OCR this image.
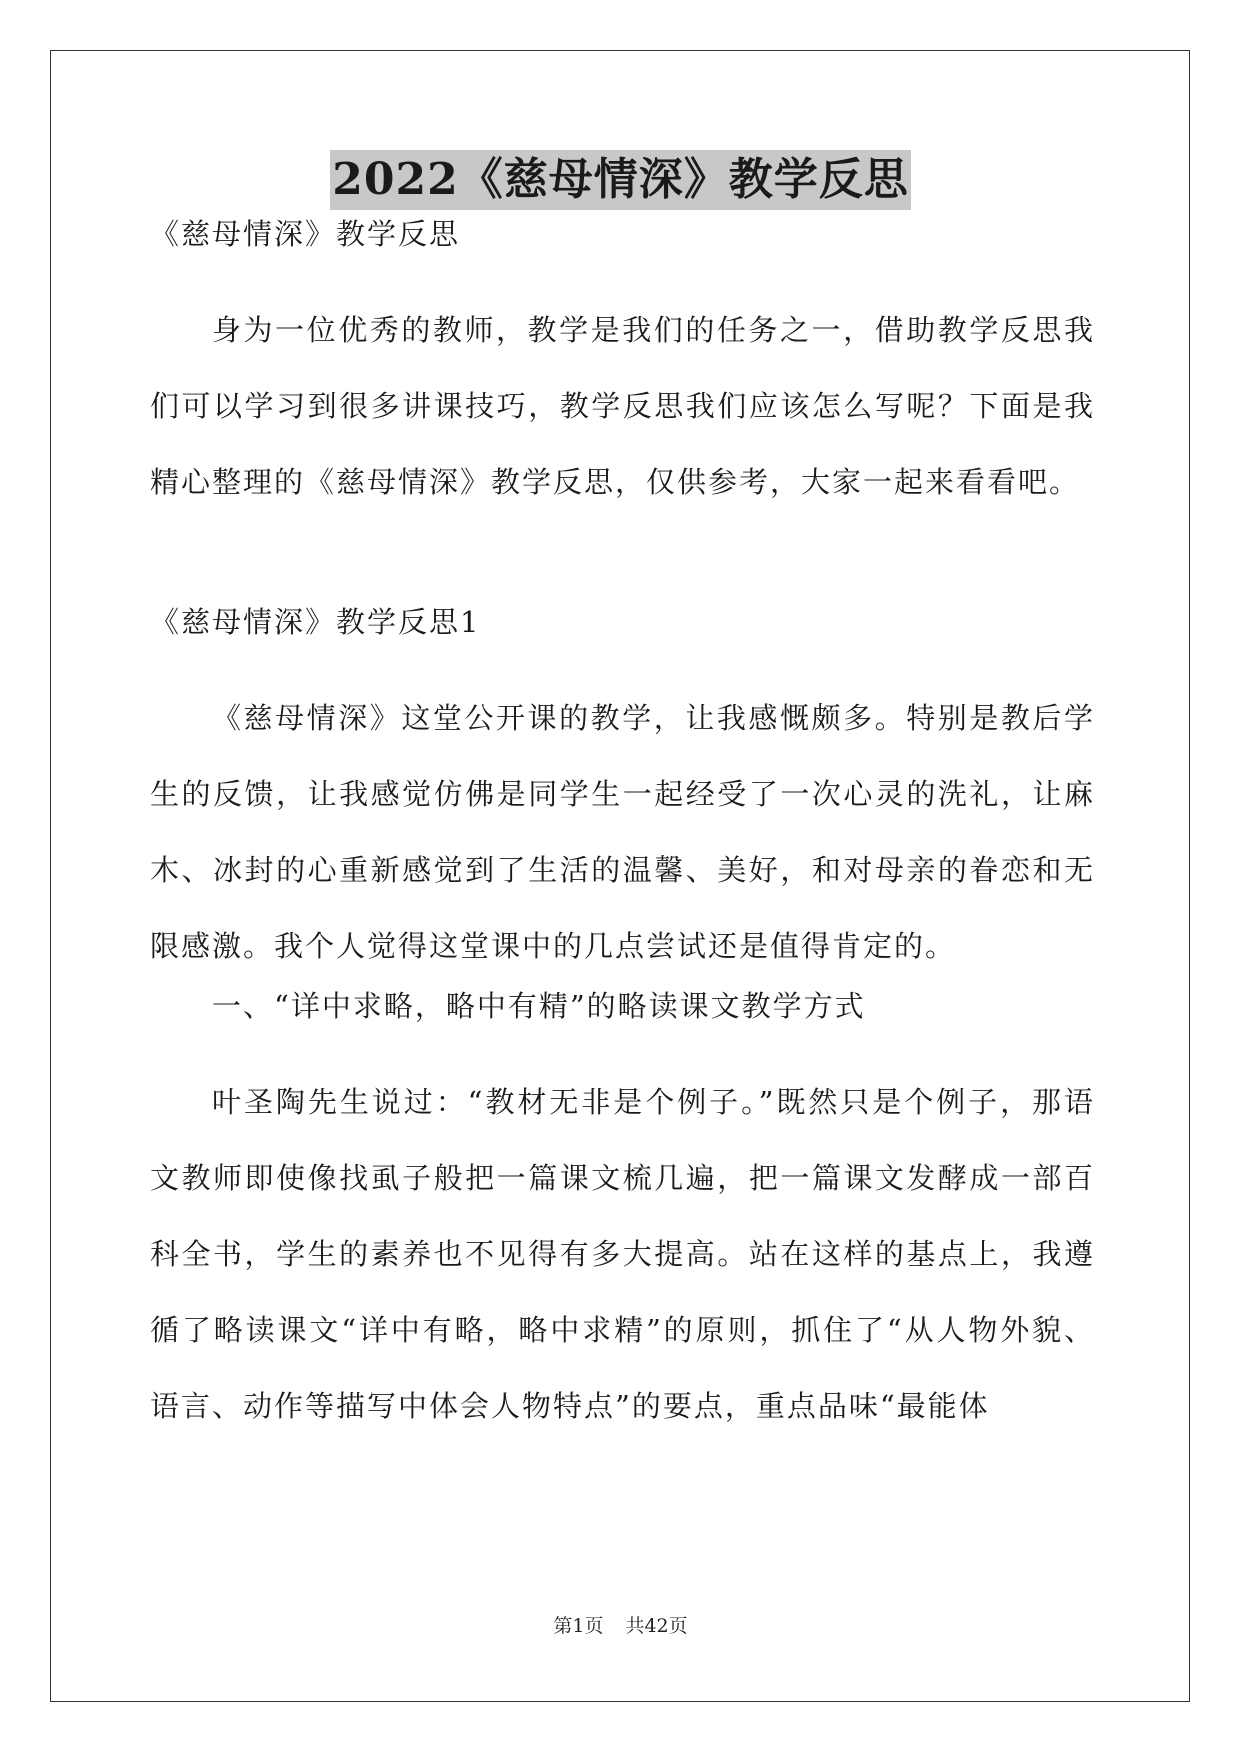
2022《慈母情深》教学反思

《慈母情深》教学反思

身为一位优秀的教师，教学是我们的任务之一，借助教学反思我们可以学习到很多讲课技巧，教学反思我们应该怎么写呢？下面是我精心整理的《慈母情深》教学反思，仅供参考，大家一起来看看吧。

《慈母情深》教学反思1

《慈母情深》这堂公开课的教学，让我感慨颇多。特别是教后学生的反馈，让我感觉仿佛是同学生一起经受了一次心灵的洗礼，让麻木、冰封的心重新感觉到了生活的温馨、美好，和对母亲的眷恋和无限感激。我个人觉得这堂课中的几点尝试还是值得肯定的。

一、“详中求略，略中有精”的略读课文教学方式

叶圣陶先生说过：“教材无非是个例子。”既然只是个例子，那语文教师即使像找虱子般把一篇课文梳几遍，把一篇课文发酵成一部百科全书，学生的素养也不见得有多大提高。站在这样的基点上，我遵循了略读课文“详中有略，略中求精”的原则，抓住了“从人物外貌、语言、动作等描写中体会人物特点”的要点，重点品味“最能体

第1页 共42页
